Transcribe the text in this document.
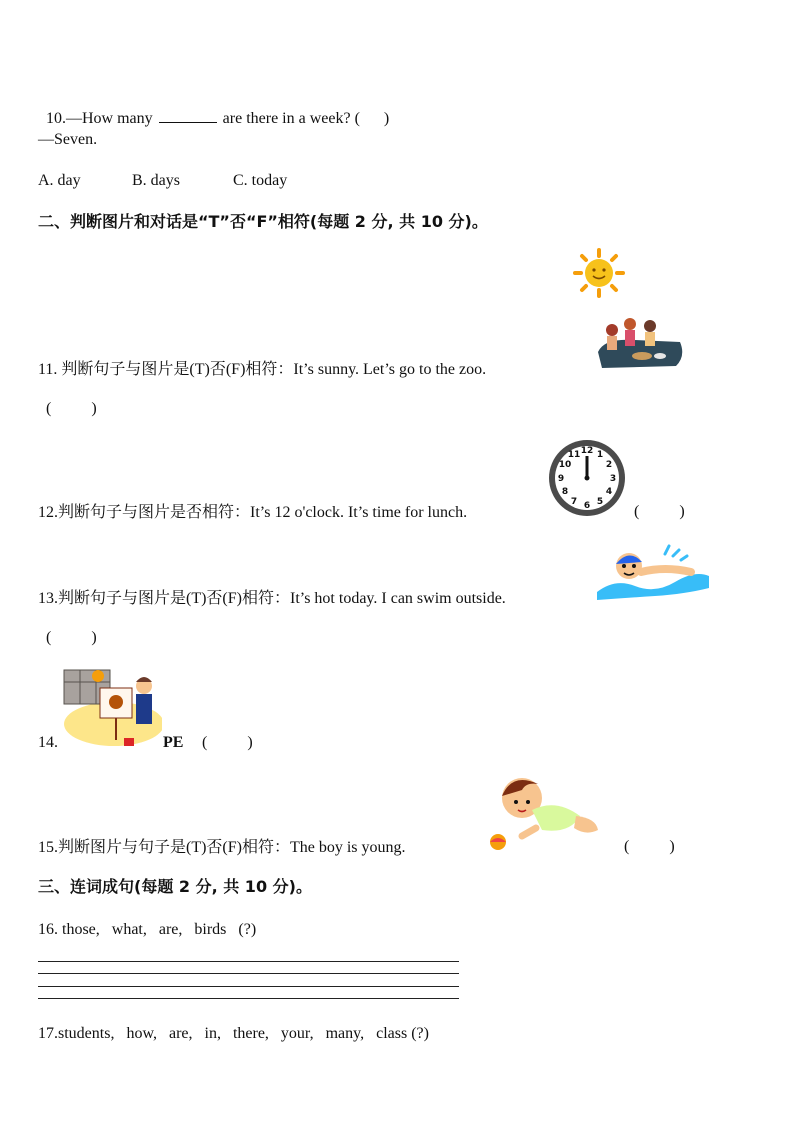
10.—How many	are there in a week? (      )

—Seven.
A. day	B. days	C. today
二、判断图片和对话是“T”否“F”相符(每题 2 分, 共 10 分)。
11. 判断句子与图片是(T)否(F)相符：It’s sunny. Let’s go to the zoo.
(          )
12 1
2
3
4
5
6
7
8
9
10
11
12.判断句子与图片是否相符：It’s 12 o'clock. It’s time for lunch.	(          )
13.判断句子与图片是(T)否(F)相符：It’s hot today. I can swim outside.
(          )
14.	PE (          )
15.判断图片与句子是(T)否(F)相符：The boy is young.	(          )
三、连词成句(每题 2 分, 共 10 分)。
16. those,   what,   are,   birds   (?)
17.students,   how,   are,   in,   there,   your,   many,   class (?)
